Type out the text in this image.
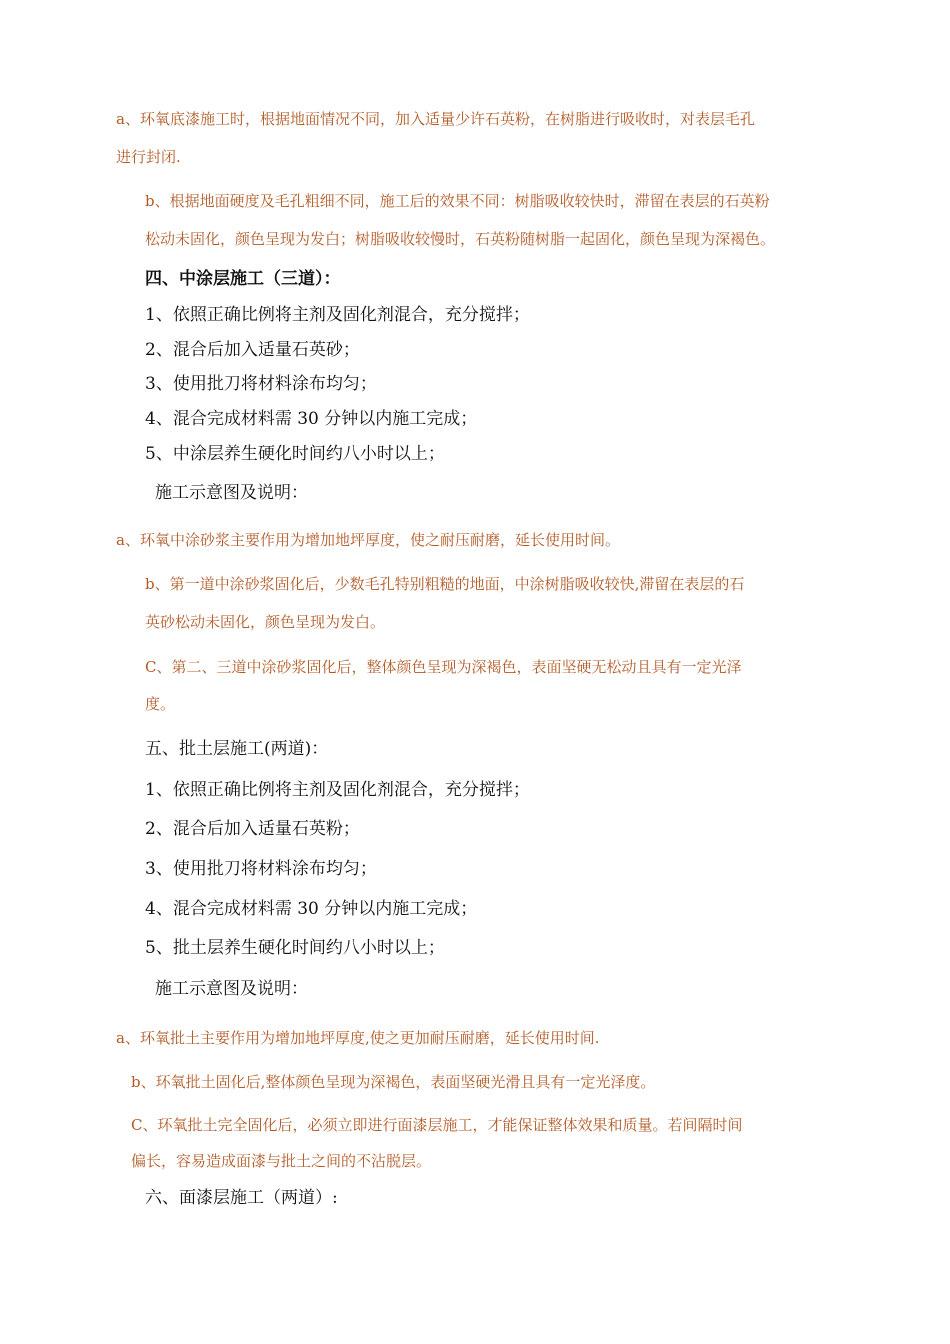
a、环氧底漆施工时，根据地面情况不同，加入适量少许石英粉，在树脂进行吸收时，对表层毛孔
进行封闭.
b、根据地面硬度及毛孔粗细不同，施工后的效果不同：树脂吸收较快时，滞留在表层的石英粉
松动未固化，颜色呈现为发白；树脂吸收较慢时，石英粉随树脂一起固化，颜色呈现为深褐色。
四、中涂层施工（三道）：
1、依照正确比例将主剂及固化剂混合，充分搅拌；
2、混合后加入适量石英砂；
3、使用批刀将材料涂布均匀；
4、混合完成材料需 30 分钟以内施工完成；
5、中涂层养生硬化时间约八小时以上；
施工示意图及说明：
a、环氧中涂砂浆主要作用为增加地坪厚度，使之耐压耐磨，延长使用时间。
b、第一道中涂砂浆固化后，少数毛孔特别粗糙的地面，中涂树脂吸收较快,滞留在表层的石
英砂松动未固化，颜色呈现为发白。
C、第二、三道中涂砂浆固化后，整体颜色呈现为深褐色，表面坚硬无松动且具有一定光泽
度。
五、批土层施工(两道)：
1、依照正确比例将主剂及固化剂混合，充分搅拌；
2、混合后加入适量石英粉；
3、使用批刀将材料涂布均匀；
4、混合完成材料需 30 分钟以内施工完成；
5、批土层养生硬化时间约八小时以上；
施工示意图及说明：
a、环氧批土主要作用为增加地坪厚度,使之更加耐压耐磨，延长使用时间.
b、环氧批土固化后,整体颜色呈现为深褐色，表面坚硬光滑且具有一定光泽度。
C、环氧批土完全固化后，必须立即进行面漆层施工，才能保证整体效果和质量。若间隔时间
偏长，容易造成面漆与批土之间的不沾脱层。
六、面漆层施工（两道）:
